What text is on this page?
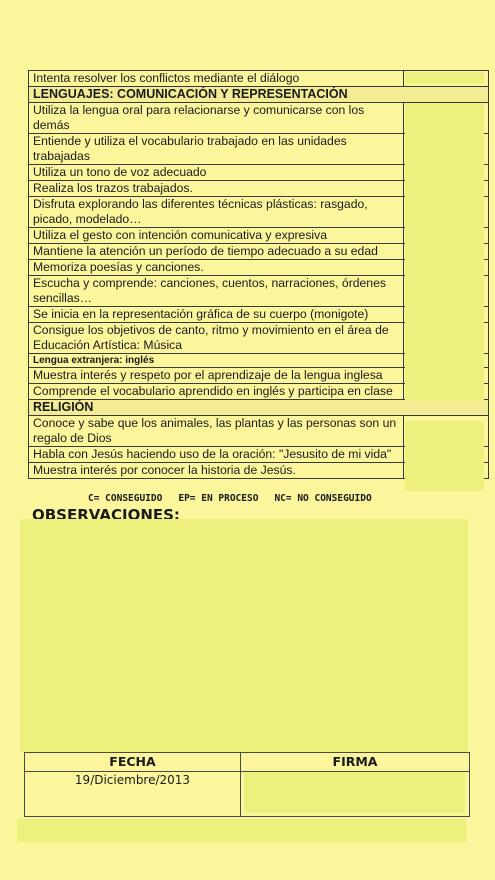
Intenta resolver los conflictos mediante el diálogo
LENGUAJES: COMUNICACIÓN Y REPRESENTACIÓN
Utiliza la lengua oral para relacionarse y comunicarse con los demás
Entiende y utiliza el vocabulario trabajado en las unidades trabajadas
Utiliza un tono de voz adecuado
Realiza los trazos trabajados.
Disfruta explorando las diferentes técnicas plásticas: rasgado, picado, modelado…
Utiliza el gesto con intención comunicativa y expresiva
Mantiene la atención un período de tiempo adecuado a su edad
Memoriza poesías y canciones.
Escucha y comprende: canciones, cuentos, narraciones, órdenes sencillas…
Se inicia en la representación gráfica de su cuerpo (monigote)
Consigue los objetivos de canto, ritmo y movimiento en el área de Educación Artística: Música
Lengua extranjera: inglés
Muestra interés y respeto por el aprendizaje de la lengua inglesa
Comprende el vocabulario aprendido en inglés y participa en clase
RELIGIÓN
Conoce y sabe que los animales, las plantas y las personas son un regalo de Dios
Habla con Jesús haciendo uso de la oración: "Jesusito de mi vida"
Muestra interés por conocer la historia de Jesús.
C= CONSEGUIDO EP= EN PROCESO NC= NO CONSEGUIDO
OBSERVACIONES:
FECHA
19/Diciembre/2013
FIRMA
